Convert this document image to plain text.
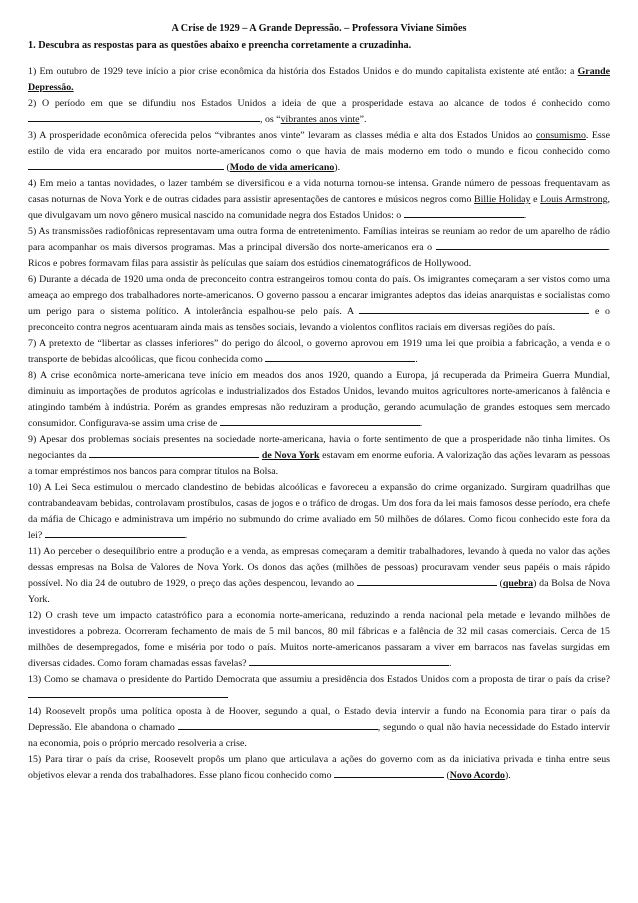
A Crise de 1929 – A Grande Depressão. – Professora Viviane Simões

1. Descubra as respostas para as questões abaixo e preencha corretamente a cruzadinha.

1) Em outubro de 1929 teve início a pior crise econômica da história dos Estados Unidos e do mundo capitalista existente até então: a Grande Depressão.

2) O período em que se difundiu nos Estados Unidos a ideia de que a prosperidade estava ao alcance de todos é conhecido como , os “vibrantes anos vinte”.

3) A prosperidade econômica oferecida pelos “vibrantes anos vinte” levaram as classes média e alta dos Estados Unidos ao consumismo. Esse estilo de vida era encarado por muitos norte-americanos como o que havia de mais moderno em todo o mundo e ficou conhecido como  (Modo de vida americano).

4) Em meio a tantas novidades, o lazer também se diversificou e a vida noturna tornou-se intensa. Grande número de pessoas frequentavam as casas noturnas de Nova York e de outras cidades para assistir apresentações de cantores e músicos negros como Billie Holiday e Louis Armstrong, que divulgavam um novo gênero musical nascido na comunidade negra dos Estados Unidos: o	.

5) As transmissões radiofônicas representavam uma outra forma de entretenimento. Famílias inteiras se reuniam ao redor de um aparelho de rádio para acompanhar os mais diversos programas. Mas a principal diversão dos norte-americanos era o	. Ricos e pobres formavam filas para assistir às películas que saíam dos estúdios cinematográficos de Hollywood.

6) Durante a década de 1920 uma onda de preconceito contra estrangeiros tomou conta do país. Os imigrantes começaram a ser vistos como uma ameaça ao emprego dos trabalhadores norte-americanos. O governo passou a encarar imigrantes adeptos das ideias anarquistas e socialistas como um perigo para o sistema político. A intolerância espalhou-se pelo país. A	e o preconceito contra negros acentuaram ainda mais as tensões sociais, levando a violentos conflitos raciais em diversas regiões do país.

7) A pretexto de “libertar as classes inferiores” do perigo do álcool, o governo aprovou em 1919 uma lei que proibia a fabricação, a venda e o transporte de bebidas alcoólicas, que ficou conhecida como	.

8) A crise econômica norte-americana teve início em meados dos anos 1920, quando a Europa, já recuperada da Primeira Guerra Mundial, diminuiu as importações de produtos agrícolas e industrializados dos Estados Unidos, levando muitos agricultores norte-americanos à falência e atingindo também à indústria. Porém as grandes empresas não reduziram a produção, gerando acumulação de grandes estoques sem mercado consumidor. Configurava-se assim uma crise de	.

9) Apesar dos problemas sociais presentes na sociedade norte-americana, havia o forte sentimento de que a prosperidade não tinha limites. Os negociantes da	de Nova York estavam em enorme euforia. A valorização das ações levaram as pessoas a tomar empréstimos nos bancos para comprar títulos na Bolsa.

10) A Lei Seca estimulou o mercado clandestino de bebidas alcoólicas e favoreceu a expansão do crime organizado. Surgiram quadrilhas que contrabandeavam bebidas, controlavam prostíbulos, casas de jogos e o tráfico de drogas. Um dos fora da lei mais famosos desse período, era chefe da máfia de Chicago e administrava um império no submundo do crime avaliado em 50 milhões de dólares. Como ficou conhecido este fora da lei?	.

11) Ao perceber o desequilíbrio entre a produção e a venda, as empresas começaram a demitir trabalhadores, levando à queda no valor das ações dessas empresas na Bolsa de Valores de Nova York. Os donos das ações (milhões de pessoas) procuravam vender seus papéis o mais rápido possível. No dia 24 de outubro de 1929, o preço das ações despencou, levando ao	(quebra) da Bolsa de Nova York.

12) O crash teve um impacto catastrófico para a economia norte-americana, reduzindo a renda nacional pela metade e levando milhões de investidores a pobreza. Ocorreram fechamento de mais de 5 mil bancos, 80 mil fábricas e a falência de 32 mil casas comerciais. Cerca de 15 milhões de desempregados, fome e miséria por todo o país. Muitos norte-americanos passaram a viver em barracos nas favelas surgidas em diversas cidades. Como foram chamadas essas favelas?	.

13) Como se chamava o presidente do Partido Democrata que assumiu a presidência dos Estados Unidos com a proposta de tirar o país da crise?

14) Roosevelt propôs uma política oposta à de Hoover, segundo a qual, o Estado devia intervir a fundo na Economia para tirar o país da Depressão. Ele abandona o chamado	, segundo o qual não havia necessidade do Estado intervir na economia, pois o próprio mercado resolveria a crise.

15) Para tirar o país da crise, Roosevelt propôs um plano que articulava a ações do governo com as da iniciativa privada e tinha entre seus objetivos elevar a renda dos trabalhadores. Esse plano ficou conhecido como	(Novo Acordo).
